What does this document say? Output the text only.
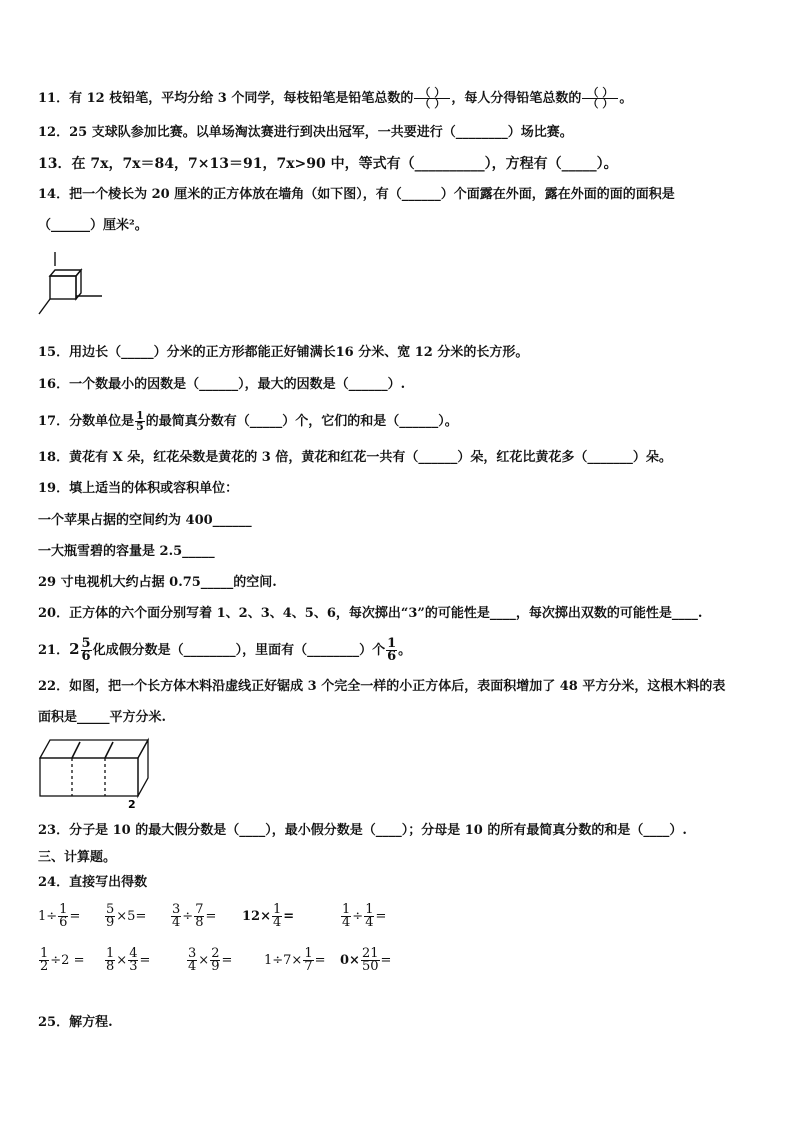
11．有 12 枝铅笔，平均分给 3 个同学，每枝铅笔是铅笔总数的 $\frac{( )}{( )}$ ，每人分得铅笔总数的 $\frac{( )}{( )}$ 。
12．25 支球队参加比赛。以单场淘汰赛进行到决出冠军，一共要进行（________）场比赛。
13．在 7x，7x＝84，7×13＝91，7x>90 中，等式有（__________），方程有（_____）。
14．把一个棱长为 20 厘米的正方体放在墙角（如下图），有（______）个面露在外面，露在外面的面的面积是
（______）厘米²。
15．用边长（_____）分米的正方形都能正好铺满长16 分米、宽 12 分米的长方形。
16．一个数最小的因数是（______），最大的因数是（______）.
17．分数单位是 $\frac{1}{5}$ 的最简真分数有（_____）个，它们的和是（______）。
18．黄花有 X 朵，红花朵数是黄花的 3 倍，黄花和红花一共有（______）朵，红花比黄花多（_______）朵。
19．填上适当的体积或容积单位：
一个苹果占据的空间约为 400______
一大瓶雪碧的容量是 2.5_____
29 寸电视机大约占据 0.75_____的空间.
20．正方体的六个面分别写着 1、2、3、4、5、6，每次掷出“3”的可能性是____，每次掷出双数的可能性是____.
21．$2 \frac{5}{6}$ 化成假分数是（________），里面有（________）个 $\frac{1}{6}$ 。
22．如图，把一个长方体木料沿虚线正好锯成 3 个完全一样的小正方体后，表面积增加了 48 平方分米，这根木料的表
面积是_____平方分米.
2
23．分子是 10 的最大假分数是（____），最小假分数是（____）；分母是 10 的所有最简真分数的和是（____）.
三、计算题。
24．直接写出得数
$1\div \frac{1}{6} = \frac{5}{9} \times 5= \frac{3}{4} \div \frac{7}{8} = 12\times \frac{1}{4}$ =	$\frac{1}{4} \div \frac{1}{4}$ =
$\frac{1}{2} \div 2 = \frac{1}{8} \times \frac{4}{3}$ =	$\frac{3}{4} \times \frac{2}{9} = 1\div 7\times \frac{1}{7} = 0\times \frac{21}{50}$ =
25．解方程.
